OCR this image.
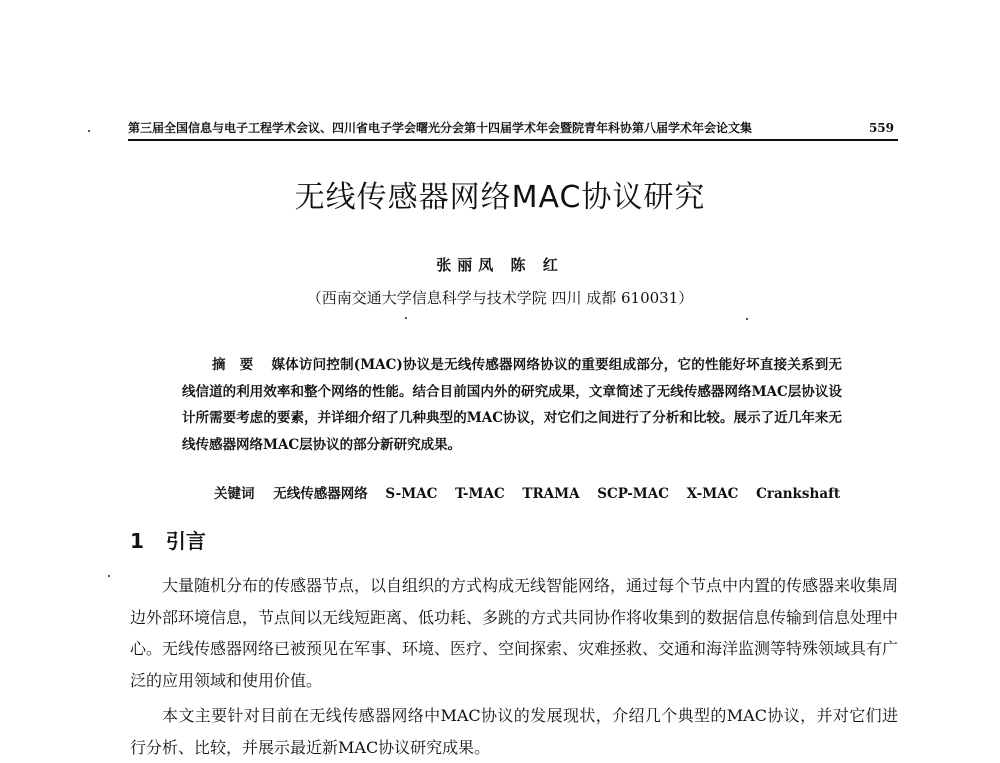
第三届全国信息与电子工程学术会议、四川省电子学会曙光分会第十四届学术年会暨院青年科协第八届学术年会论文集	559
无线传感器网络MAC协议研究
张丽凤 陈 红
（西南交通大学信息科学与技术学院 四川 成都 610031）
摘要 媒体访问控制(MAC)协议是无线传感器网络协议的重要组成部分，它的性能好坏直接关系到无线信道的利用效率和整个网络的性能。结合目前国内外的研究成果，文章简述了无线传感器网络MAC层协议设计所需要考虑的要素，并详细介绍了几种典型的MAC协议，对它们之间进行了分析和比较。展示了近几年来无线传感器网络MAC层协议的部分新研究成果。
关键词 无线传感器网络 S-MAC T-MAC TRAMA SCP-MAC X-MAC Crankshaft
1 引言

大量随机分布的传感器节点，以自组织的方式构成无线智能网络，通过每个节点中内置的传感器来收集周边外部环境信息，节点间以无线短距离、低功耗、多跳的方式共同协作将收集到的数据信息传输到信息处理中心。无线传感器网络已被预见在军事、环境、医疗、空间探索、灾难拯救、交通和海洋监测等特殊领域具有广泛的应用领域和使用价值。

本文主要针对目前在无线传感器网络中MAC协议的发展现状，介绍几个典型的MAC协议，并对它们进行分析、比较，并展示最近新MAC协议研究成果。
